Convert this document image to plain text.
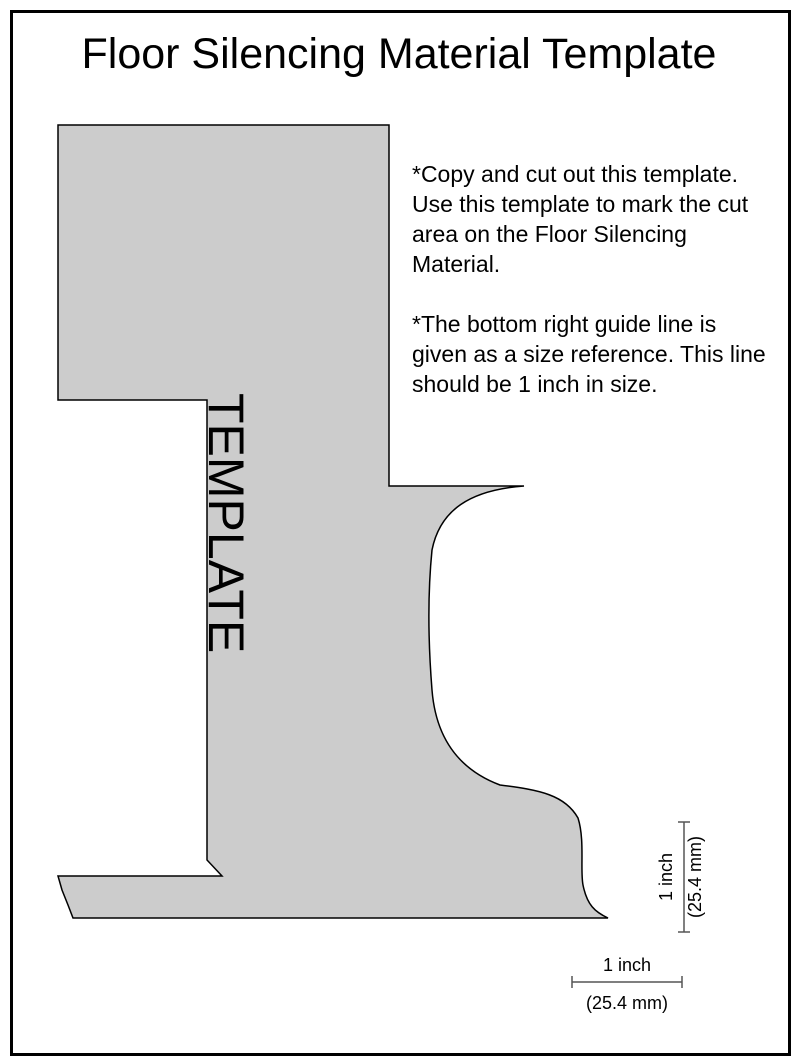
Floor Silencing Material Template
TEMPLATE

*Copy and cut out this template. Use this template to mark the cut area on the Floor Silencing Material.

*The bottom right guide line is given as a size reference. This line should be 1 inch in size.

1 inch
(25.4 mm)
1 inch (25.4 mm)
